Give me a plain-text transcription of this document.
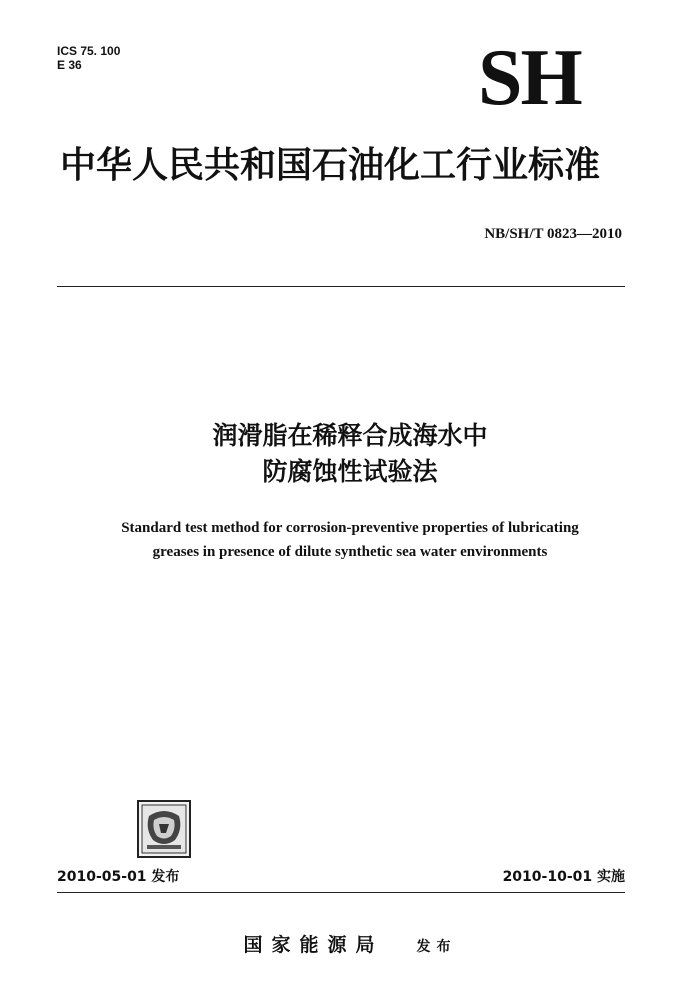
ICS 75. 100
E 36	SH
中华人民共和国石油化工行业标准
NB/SH/T 0823—2010
润滑脂在稀释合成海水中
防腐蚀性试验法
Standard test method for corrosion-preventive properties of lubricating
greases in presence of dilute synthetic sea water environments
2010-05-01 发布	2010-10-01 实施
国家能源局 发布
